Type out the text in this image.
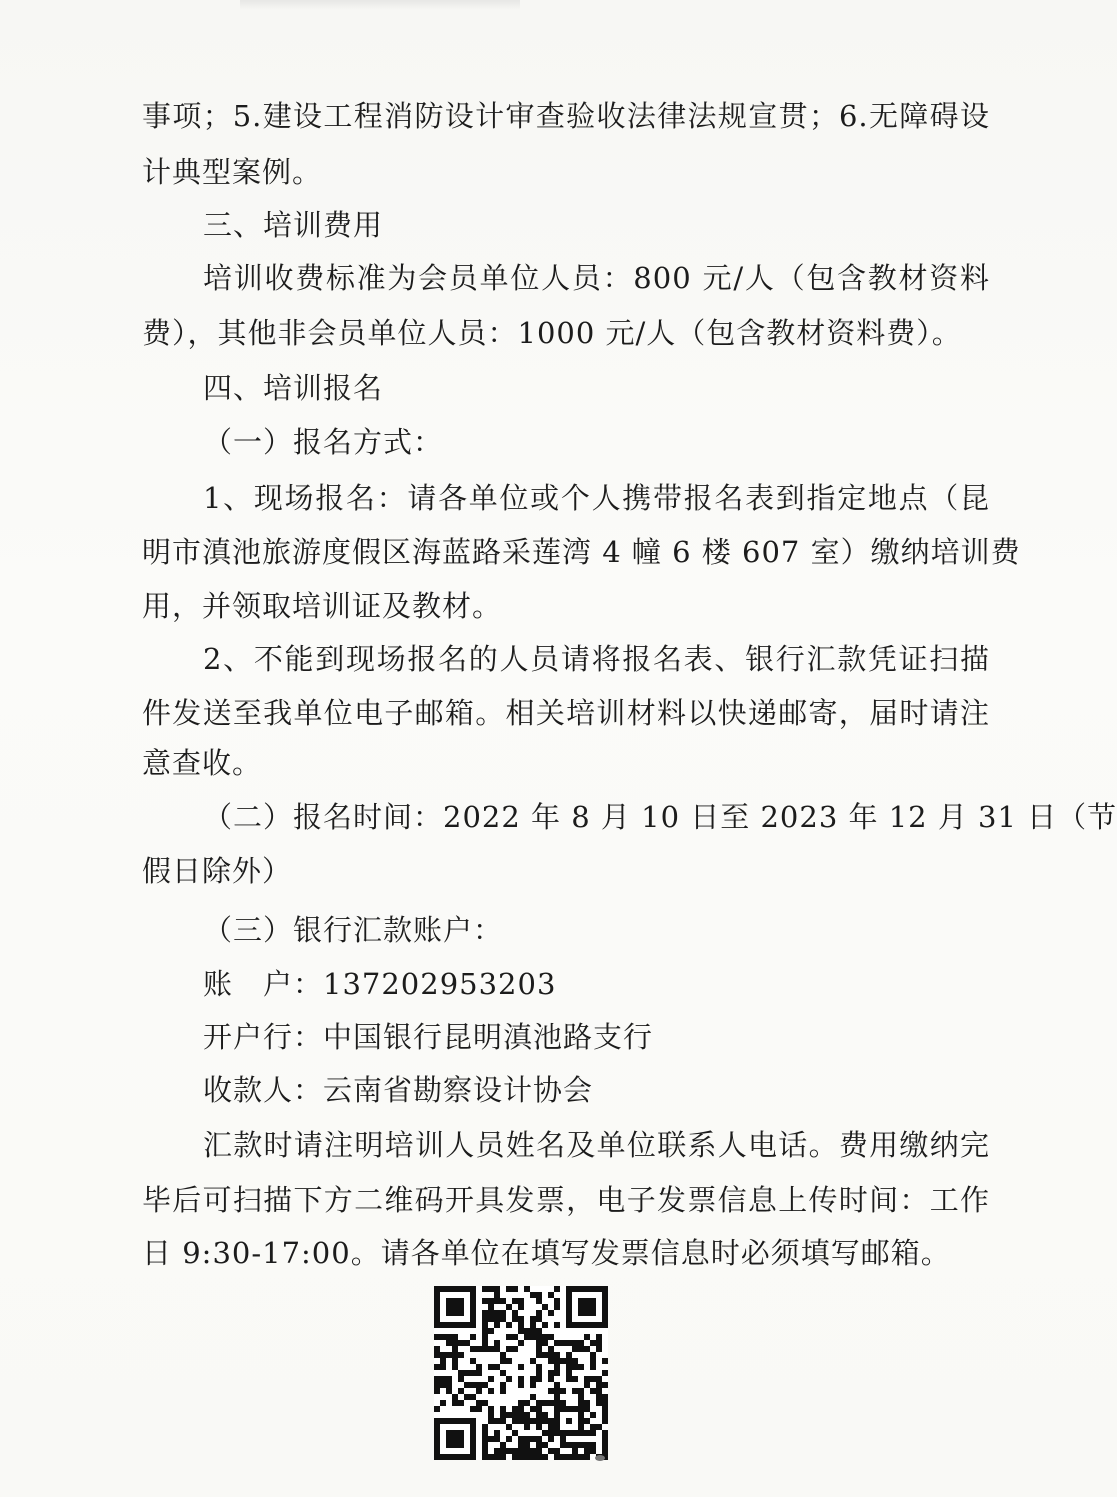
事项；5.建设工程消防设计审查验收法律法规宣贯；6.无障碍设
计典型案例。
三、培训费用
培训收费标准为会员单位人员：800 元/人（包含教材资料
费），其他非会员单位人员：1000 元/人（包含教材资料费）。
四、培训报名
（一）报名方式：
1、现场报名：请各单位或个人携带报名表到指定地点（昆
明市滇池旅游度假区海蓝路采莲湾 4 幢 6 楼 607 室）缴纳培训费
用，并领取培训证及教材。
2、不能到现场报名的人员请将报名表、银行汇款凭证扫描
件发送至我单位电子邮箱。相关培训材料以快递邮寄，届时请注
意查收。
（二）报名时间：2022 年 8 月 10 日至 2023 年 12 月 31 日（节
假日除外）
（三）银行汇款账户：
账　户：137202953203
开户行：中国银行昆明滇池路支行
收款人：云南省勘察设计协会
汇款时请注明培训人员姓名及单位联系人电话。费用缴纳完
毕后可扫描下方二维码开具发票，电子发票信息上传时间：工作
日 9:30-17:00。请各单位在填写发票信息时必须填写邮箱。
